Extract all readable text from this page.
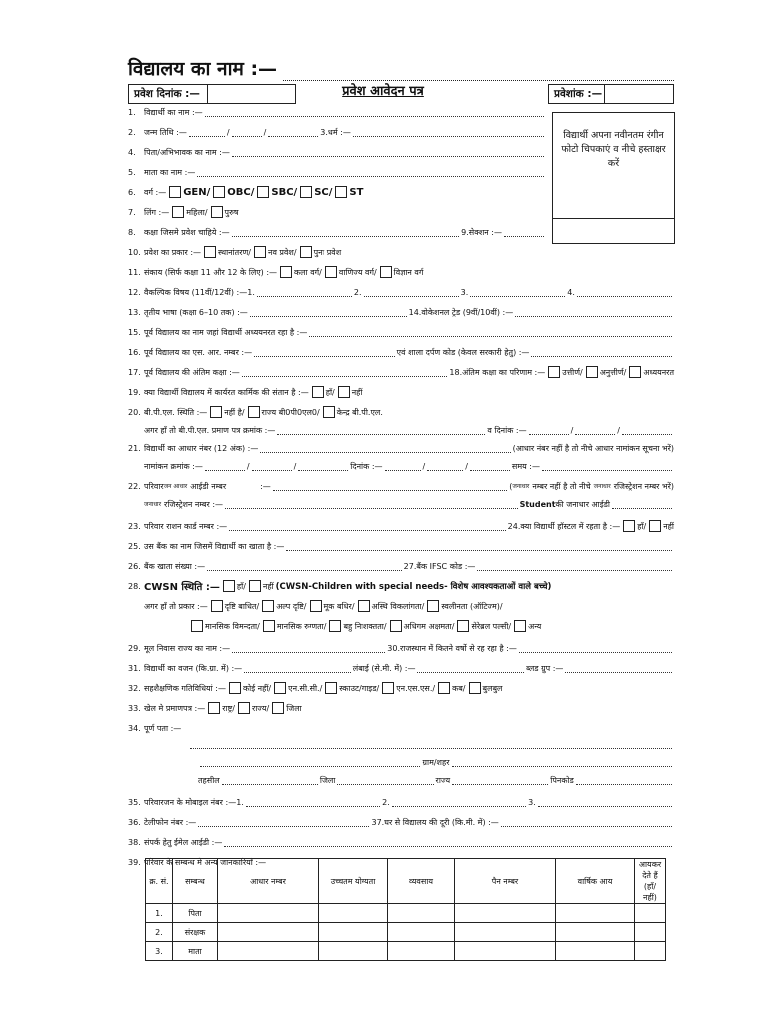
विद्यालय का नाम :—
प्रवेश दिनांक :—	प्रवेश आवेदन पत्र	प्रवेशांक :—
विद्यार्थी अपना नवीनतम रंगीन फोटो चिपकाएं व नीचे हस्ताक्षर करें
1.	विद्यार्थी का नाम :—
2.	जन्म तिथि :—	/	/	3. धर्म :—
4.	पिता/अभिभावक का नाम :—
5.	माता का नाम :—
6.	वर्ग :— GEN/ OBC/ SBC/ SC/ ST
7.	लिंग :— महिला/ पुरुष
8.	कक्षा जिसमे प्रवेश चाहिये :—	9. सेक्शन :—
10. प्रवेश का प्रकार :— स्थानांतरण/ नव प्रवेश/ पुनः प्रवेश
11. संकाय (सिर्फ कक्षा 11 और 12 के लिए) :— कला वर्ग/ वाणिज्य वर्ग/ विज्ञान वर्ग
12. वैकल्पिक विषय (11वीं/12वीं) :— 1.	2.	3.	4.
13. तृतीय भाषा (कक्षा 6–10 तक) :—	14. वोकेशनल ट्रेड (9वीं/10वीं) :—
15. पूर्व विद्यालय का नाम जहां विद्यार्थी अध्ययनरत रहा है :—
16. पूर्व विद्यालय का एस. आर. नम्बर :—	एवं शाला दर्पण कोड (केवल सरकारी हेतु) :—
17. पूर्व विद्यालय की अंतिम कक्षा :—	18. अंतिम कक्षा का परिणाम :— उत्तीर्ण/ अनुत्तीर्ण/ अध्ययनरत
19. क्या विद्यार्थी विद्यालय में कार्यरत कार्मिक की संतान है :— हाँ/ नहीं
20. बी.पी.एल. स्थिति :— नहीं है/ राज्य बी0पी0एल0/ केन्द्र बी.पी.एल.
अगर हाँ तो बी.पी.एल. प्रमाण पत्र क्रमांक :—	व दिनांक :—	/	/
21. विद्यार्थी का आधार नंबर (12 अंक) :—	(आधार नंबर नहीं है तो नीचे आधार नामांकन सूचना भरें)
नामांकन क्रमांक :—	/	/	दिनांक :—	/	/	समय :—
22. परिवार जन आधार आईडी नम्बर	:—	( जनाधार नम्बर नहीं है तो नीचे जनाधार रजिस्ट्रेशन नम्बर भरें)
जनाधार रजिस्ट्रेशन नम्बर :—	Student की जनाधार आईडी
23. परिवार राशन कार्ड नम्बर :—	24. क्या विद्यार्थी हॉस्टल में रहता है :— हाँ/ नहीं
25. उस बैंक का नाम जिसमें विद्यार्थी का खाता है :—
26. बैंक खाता संख्या :—	27. बैंक IFSC कोड :—
28. CWSN स्थिति :— हाँ/ नहीं (CWSN-Children with special needs- विशेष आवश्यकताओं वाले बच्चे)
अगर हाँ तो प्रकार :— दृष्टि बाधित/ अल्प दृष्टि/ मूक बधिर/ अस्थि विकलांगता/ स्वलीनता (ऑटिज्म)/
मानसिक विमन्दता/ मानसिक रुग्णता/ बहु निःशक्तता/ अधिगम अक्षमता/ सेरेब्रल पल्सी/ अन्य
29. मूल निवास राज्य का नाम :—	30. राजस्थान में कितने वर्षो से रह रहा है :—
31. विद्यार्थी का वजन (कि.ग्रा. में) :—	लंबाई (से.मी. में) :—	ब्लड ग्रुप :—
32. सहशैक्षणिक गतिविधियां :— कोई नहीं/ एन.सी.सी./ स्काउट/गाइड/ एन.एस.एस./ कब/ बुलबुल
33. खेल मे प्रमाणपत्र :— राष्ट्र/ राज्य/ जिला
34. पूर्ण पता :—
ग्राम/शहर
तहसील	जिला	राज्य	पिनकोड
35. परिवारजन के मोबाइल नंबर :— 1.	2.	3.
36. टेलीफोन नंबर :—	37. घर से विद्यालय की दूरी (कि.मी. में) :—
38. संपर्क हेतु ईमेल आईडी :—
39. परिवार के सम्बन्ध मे अन्य जानकारियॉं :—
क्र. सं.	सम्बन्ध	आधार नम्बर	उच्चतम योग्यता	व्यवसाय	पैन नम्बर	वार्षिक आय	आयकर देते हैं (हॉं/नहीं)
1.	पिता						
2.	संरक्षक						
3.	माता						
